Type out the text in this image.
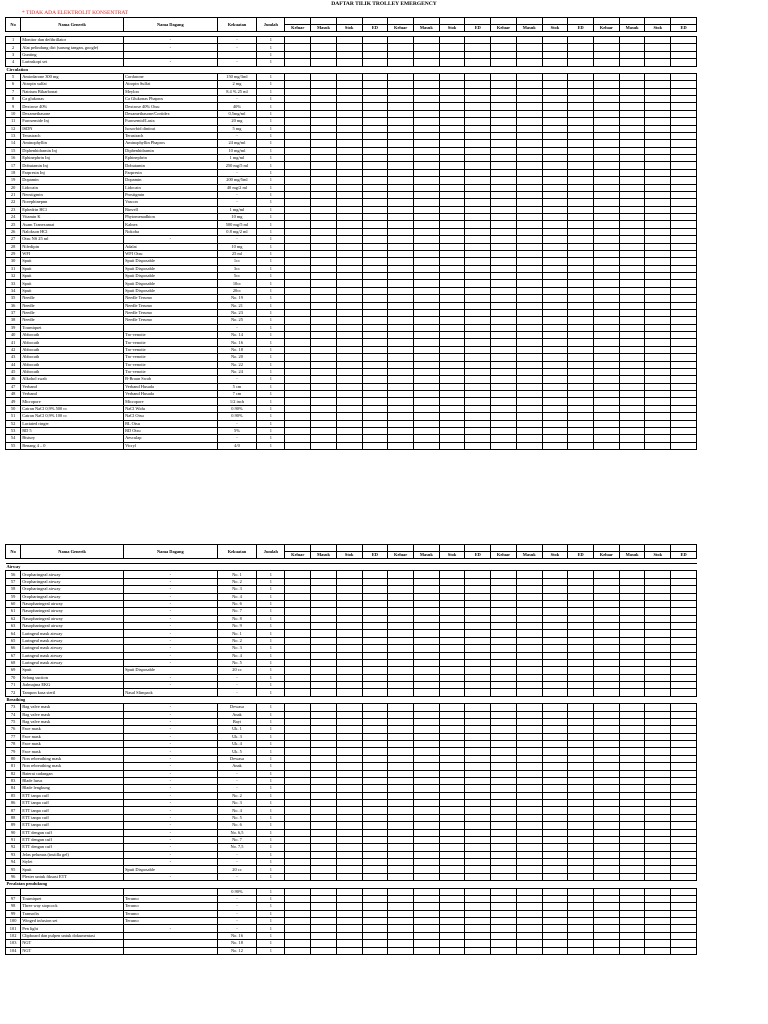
DAFTAR TILIK TROLLEY EMERGENCY
* TIDAK ADA ELEKTROLIT KONSENTRAT
No	Nama Generik	Nama Dagang	Kekuatan	Jumlah																
					Keluar	Masuk	Stok	ED	Keluar	Masuk	Stok	ED	Keluar	Masuk	Stok	ED	Keluar	Masuk	Stok	ED

1	Monitor dan defibrillator	-	-	1																
2	Alat pelindung diri (sarung tangan, google)	-	-	1																
3	Gunting			1																
4	Larinskopi set	-	-	1																
Circulation																				
5	Amiodarone 300 mg	Cordarone	150 mg/3ml	1																
6	Atropin sulfat	Atropin Sulfat	2 mg	1																
7	Natrium Bikarbonat	Meylon	8.4 % 25 ml	1																
8	Ca glukonas	Ca Glukonas Phapros	-	1																
9	Dextrose 40%	Dextrose 40% Otsu	40%	1																
10	Dexamethasone	Dexamethasone/Cortidex	0,5mg/ml	1																
11	Furosemide Inj	Furosemid/Lasix	20 mg	1																
12	ISDN	Isosorbid dinitrat	5 mg	1																
13	Terastrach	Terastrach	-	1																
14	Aminophyllin	Aminophyllin Phapros	24 mg/ml	1																
15	Diphenhidramin Inj	Diphenhidramin	10 mg/ml	1																
16	Ephinephrin Inj	Ephinephrin	1 mg/ml	1																
17	Dobutamin Inj	Dobutamin	250 mg/5 ml	1																
18	Farpresin Inj	Farpresin	-	1																
19	Dopamin	Dopamin	200 mg/5ml	1																
20	Lidocain	Lidocain	40 mg/2 ml	1																
21	Neostigmin	Prostigmin	-	1																
22	Norephinepnn	Vascon	-	1																
23	Ephedrin HCl	Rinvell	1 mg/ml	1																
24	Vitamin K	Phytomenadhion	10 mg	1																
25	Asam Tranexamat	Kalnex	500 mg/5 ml	1																
26	Nalokson HCl	Nokoba	0.8 mg/2 ml	1																
27	Otsu NS 25 ml	-	-	1																
28	Nifedipin	Adalat	10 mg	1																
29	WFI	WFI Otsu	25 ml	1																
30	Spuit	Spuit Disposable	1cc	1																
31	Spuit	Spuit Disposable	3cc	1																
32	Spuit	Spuit Disposable	5cc	1																
33	Spuit	Spuit Disposable	10cc	1																
34	Spuit	Spuit Disposable	20cc	1																
35	Needle	Needle Terumo	No. 19	1																
36	Needle	Needle Terumo	No. 21	1																
37	Needle	Needle Terumo	No. 23	1																
38	Needle	Needle Terumo	No. 25	1																
39	Tourniquet		-	1																
40	Abbocath	Tro-venoite	No. 14	1																
41	Abbocath	Tro-venoite	No. 16	1																
42	Abbocath	Tro-venoite	No. 18	1																
43	Abbocath	Tro-venoite	No. 20	1																
44	Abbocath	Tro-venoite	No. 22	1																
45	Abbocath	Tro-venoite	No. 24	1																
46	Alkohol swab	B-Braun Swab	-	1																
47	Verband	Verband Husada	5 cm	1																
48	Verband	Verband Husada	7 cm	1																
49	Micropore	Micropore	1/2 inch	1																
50	Cairan NaCl 0,9% 500 cc	NaCl Widu	0.90%	1																
51	Cairan NaCl 0,9% 100 cc	NaCl Otsu	0.90%	1																
52	Lactated ringer	RL Otsu	-	1																
53	RD 5	RD Otsu	5%	1																
54	Bistury	Aesculap	-	1																
55	Benang 4 – 0	Vicryl	4/0	1																
No	Nama Generik	Nama Dagang	Kekuatan	Jumlah																
					Keluar	Masuk	Stok	ED	Keluar	Masuk	Stok	ED	Keluar	Masuk	Stok	ED	Keluar	Masuk	Stok	ED

Airway																				
56	Oropharingeal airway	-	No. 1	1																
57	Oropharingeal airway	-	No. 2	1																
58	Oropharingeal airway	-	No. 3	1																
59	Oropharingeal airway	-	No. 4	1																
60	Nasopharingeal airway	-	No. 6	1																
61	Nasopharingeal airway	-	No. 7	1																
62	Nasopharingeal airway	-	No. 8	1																
63	Nasopharingeal airway	-	No. 9	1																
64	Laringeal mask airway	-	No. 1	1																
65	Laringeal mask airway	-	No. 2	1																
66	Laringeal mask airway	-	No. 3	1																
67	Laringeal mask airway	-	No. 4	1																
68	Laringeal mask airway	-	No. 5	1																
69	Spuit	Spuit Disposable	20 cc	1																
70	Selang suction	-	-	1																
71	Jialmajma EKG	-	-	1																
72	Tampon kasa steril	Nasal Slimpack	-	1																
Breathing																				
73	Bag valve mask	-	Dewasa	1																
74	Bag valve mask	-	Anak	1																
75	Bag valve mask	-	Bayi	1																
76	Face mask	-	Uk. 1	1																
77	Face mask	-	Uk. 3	1																
78	Face mask	-	Uk. 4	1																
79	Face mask	-	Uk. 5	1																
80	Non rebreathing mask	-	Dewasa	1																
81	Non rebreathing mask	-	Anak	1																
82	Baterai cadangan	-	-	1																
83	Blade lurus	-	-	1																
84	Blade lengkung	-	-	1																
85	ETT tanpa cuff	-	No. 2	1																
86	ETT tanpa cuff	-	No. 3	1																
87	ETT tanpa cuff	-	No. 4	1																
88	ETT tanpa cuff	-	No. 5	1																
89	ETT tanpa cuff	-	No. 6	1																
90	ETT dengan cuff	-	No. 6,5	1																
91	ETT dengan cuff	-	No. 7	1																
92	ETT dengan cuff	-	No. 7,5	1																
93	Jelas pelumas (instilla gel)	-	-	1																
94	Stylet	-	-	1																
95	Spuit	Spuit Disposable	20 cc	1																
96	Plester untuk fiksasi ETT	-	-	1																
Peralatan pendukung																				
			0.90%	1																
97	Tourniquet	Terumo	-	1																
98	Three way stopcock	Terumo	-	1																
99	Transofix	Terumo	-	1																
100	Winged infusion set	Terumo	-	1																
101	Pen light	-	-	1																
102	Clipboard dan pulpen untuk dokumentasi		No. 16	1																
103	NGT		No. 18	1																
104	NGT		No. 12	1																
